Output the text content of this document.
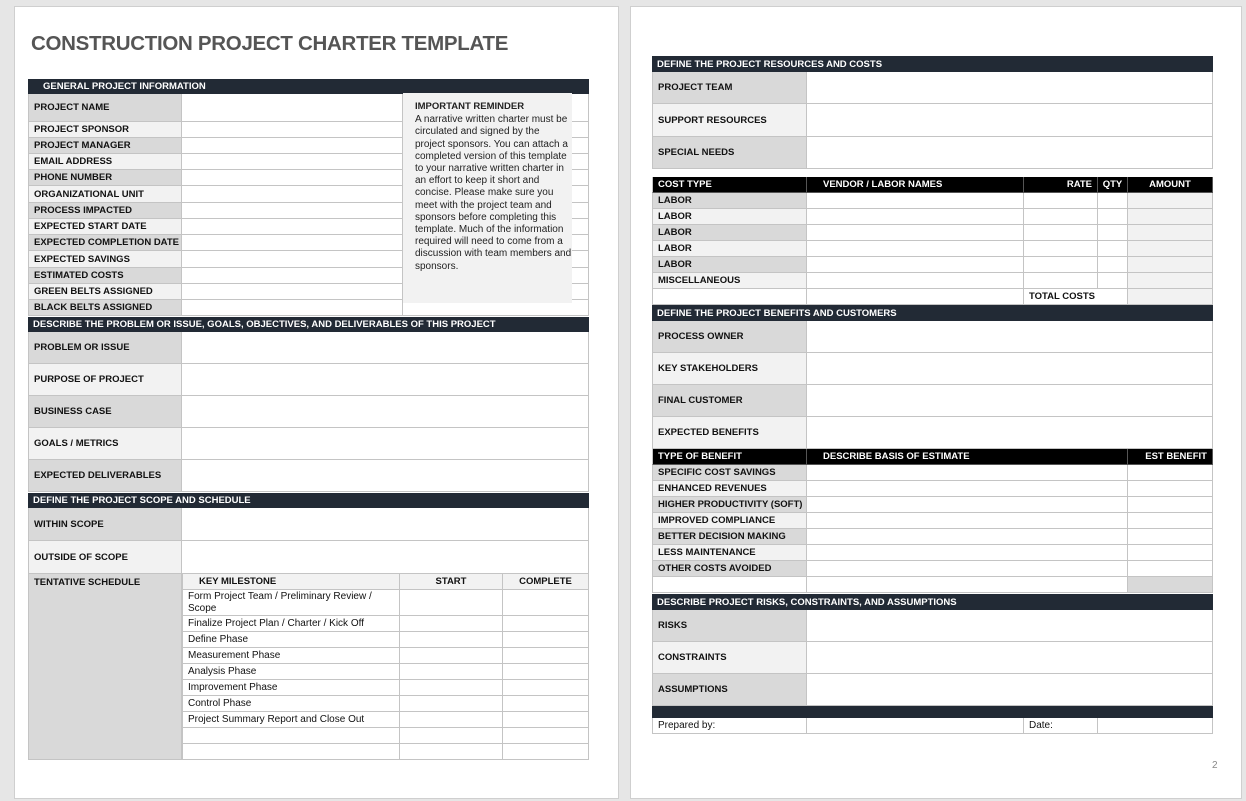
CONSTRUCTION PROJECT CHARTER TEMPLATE
GENERAL PROJECT INFORMATION
PROJECT NAME
PROJECT SPONSOR
PROJECT MANAGER
EMAIL ADDRESS
PHONE NUMBER
ORGANIZATIONAL UNIT
PROCESS IMPACTED
EXPECTED START DATE
EXPECTED COMPLETION DATE
EXPECTED SAVINGS
ESTIMATED COSTS
GREEN BELTS ASSIGNED
BLACK BELTS ASSIGNED
DESCRIBE THE PROBLEM OR ISSUE, GOALS, OBJECTIVES, AND DELIVERABLES OF THIS PROJECT
PROBLEM OR ISSUE
PURPOSE OF PROJECT
BUSINESS CASE
GOALS / METRICS
EXPECTED DELIVERABLES
DEFINE THE PROJECT SCOPE AND SCHEDULE
WITHIN SCOPE
OUTSIDE OF SCOPE
TENTATIVE SCHEDULE	KEY MILESTONE	START	COMPLETE
Form Project Team / Preliminary Review / Scope
Finalize Project Plan / Charter / Kick Off
Define Phase
Measurement Phase
Analysis Phase
Improvement Phase
Control Phase
Project Summary Report and Close Out
IMPORTANT REMINDER
A narrative written charter must be circulated and signed by the project sponsors. You can attach a completed version of this template to your narrative written charter in an effort to keep it short and concise. Please make sure you meet with the project team and sponsors before completing this template. Much of the information required will need to come from a discussion with team members and sponsors.
DEFINE THE PROJECT RESOURCES AND COSTS
PROJECT TEAM
SUPPORT RESOURCES
SPECIAL NEEDS
COST TYPE	VENDOR / LABOR NAMES	RATE	QTY	AMOUNT
LABOR
LABOR
LABOR
LABOR
LABOR
MISCELLANEOUS
TOTAL COSTS
DEFINE THE PROJECT BENEFITS AND CUSTOMERS
PROCESS OWNER
KEY STAKEHOLDERS
FINAL CUSTOMER
EXPECTED BENEFITS
TYPE OF BENEFIT	DESCRIBE BASIS OF ESTIMATE	EST BENEFIT
SPECIFIC COST SAVINGS
ENHANCED REVENUES
HIGHER PRODUCTIVITY (SOFT)
IMPROVED COMPLIANCE
BETTER DECISION MAKING
LESS MAINTENANCE
OTHER COSTS AVOIDED
DESCRIBE PROJECT RISKS, CONSTRAINTS, AND ASSUMPTIONS
RISKS
CONSTRAINTS
ASSUMPTIONS
Prepared by:	Date:
2
